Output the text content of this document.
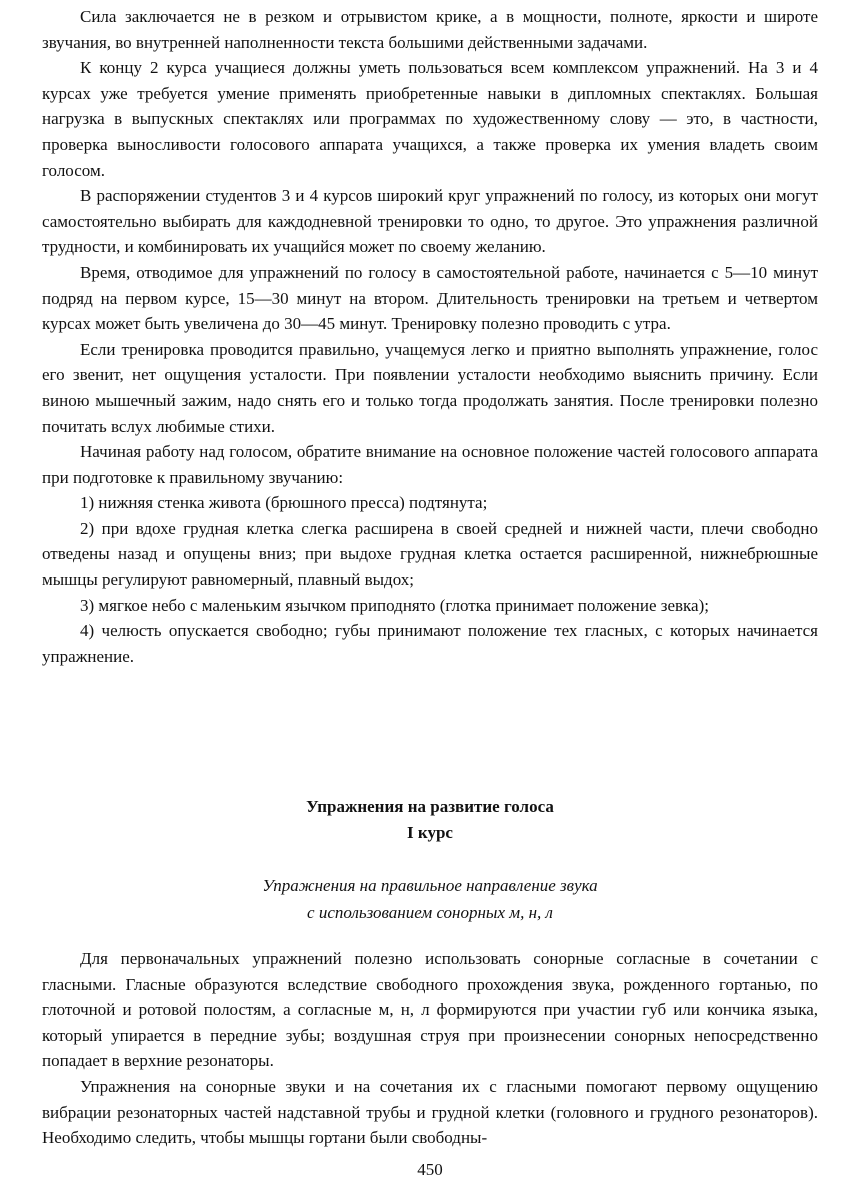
Сила заключается не в резком и отрывистом крике, а в мощности, полноте, яркости и широте звучания, во внутренней наполненности текста большими действенными задачами.

К концу 2 курса учащиеся должны уметь пользоваться всем комплексом упражнений. На 3 и 4 курсах уже требуется умение применять приобретенные навыки в дипломных спектаклях. Большая нагрузка в выпускных спектаклях или программах по художественному слову — это, в частности, проверка выносливости голосового аппарата учащихся, а также проверка их умения владеть своим голосом.

В распоряжении студентов 3 и 4 курсов широкий круг упражнений по голосу, из которых они могут самостоятельно выбирать для каждодневной тренировки то одно, то другое. Это упражнения различной трудности, и комбинировать их учащийся может по своему желанию.

Время, отводимое для упражнений по голосу в самостоятельной работе, начинается с 5—10 минут подряд на первом курсе, 15—30 минут на втором. Длительность тренировки на третьем и четвертом курсах может быть увеличена до 30—45 минут. Тренировку полезно проводить с утра.

Если тренировка проводится правильно, учащемуся легко и приятно выполнять упражнение, голос его звенит, нет ощущения усталости. При появлении усталости необходимо выяснить причину. Если виною мышечный зажим, надо снять его и только тогда продолжать занятия. После тренировки полезно почитать вслух любимые стихи.

Начиная работу над голосом, обратите внимание на основное положение частей голосового аппарата при подготовке к правильному звучанию:

1) нижняя стенка живота (брюшного пресса) подтянута;

2) при вдохе грудная клетка слегка расширена в своей средней и нижней части, плечи свободно отведены назад и опущены вниз; при выдохе грудная клетка остается расширенной, нижнебрюшные мышцы регулируют равномерный, плавный выдох;

3) мягкое небо с маленьким язычком приподнято (глотка принимает положение зевка);

4) челюсть опускается свободно; губы принимают положение тех гласных, с которых начинается упражнение.

Упражнения на развитие голоса

I курс

Упражнения на правильное направление звука

с использованием сонорных м, н, л

Для первоначальных упражнений полезно использовать сонорные согласные в сочетании с гласными. Гласные образуются вследствие свободного прохождения звука, рожденного гортанью, по глоточной и ротовой полостям, а согласные м, н, л формируются при участии губ или кончика языка, который упирается в передние зубы; воздушная струя при произнесении сонорных непосредственно попадает в верхние резонаторы.

Упражнения на сонорные звуки и на сочетания их с гласными помогают первому ощущению вибрации резонаторных частей надставной трубы и грудной клетки (головного и грудного резонаторов). Необходимо следить, чтобы мышцы гортани были свободны-

450
